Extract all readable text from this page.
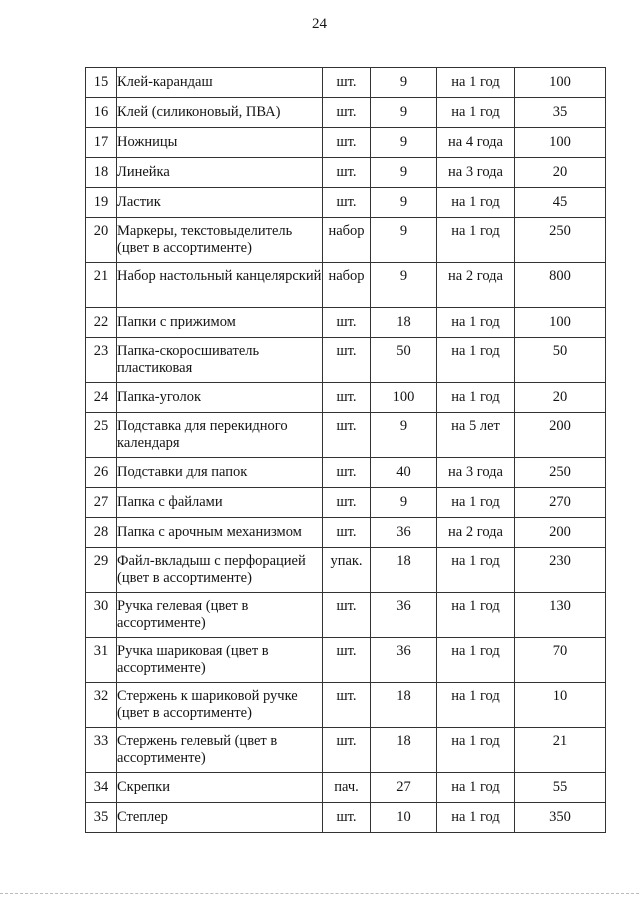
24
15	Клей-карандаш	шт.	9	на 1 год	100

16	Клей (силиконовый, ПВА)	шт.	9	на 1 год	35

17	Ножницы	шт.	9	на 4 года	100

18	Линейка	шт.	9	на 3 года	20

19	Ластик	шт.	9	на 1 год	45

20	Маркеры, текстовыделитель (цвет в ассортименте)	набор	9	на 1 год	250

21	Набор настольный канцелярский	набор	9	на 2 года	800

22	Папки с прижимом	шт.	18	на 1 год	100

23	Папка-скоросшиватель пластиковая	шт.	50	на 1 год	50

24	Папка-уголок	шт.	100	на 1 год	20

25	Подставка для перекидного календаря	шт.	9	на 5 лет	200

26	Подставки для папок	шт.	40	на 3 года	250

27	Папка с файлами	шт.	9	на 1 год	270

28	Папка с арочным механизмом	шт.	36	на 2 года	200

29	Файл-вкладыш с перфорацией (цвет в ассортименте)	упак.	18	на 1 год	230

30	Ручка гелевая (цвет в ассортименте)	шт.	36	на 1 год	130

31	Ручка шариковая (цвет в ассортименте)	шт.	36	на 1 год	70

32	Стержень к шариковой ручке (цвет в ассортименте)	шт.	18	на 1 год	10

33	Стержень гелевый (цвет в ассортименте)	шт.	18	на 1 год	21

34	Скрепки	пач.	27	на 1 год	55

35	Степлер	шт.	10	на 1 год	350
